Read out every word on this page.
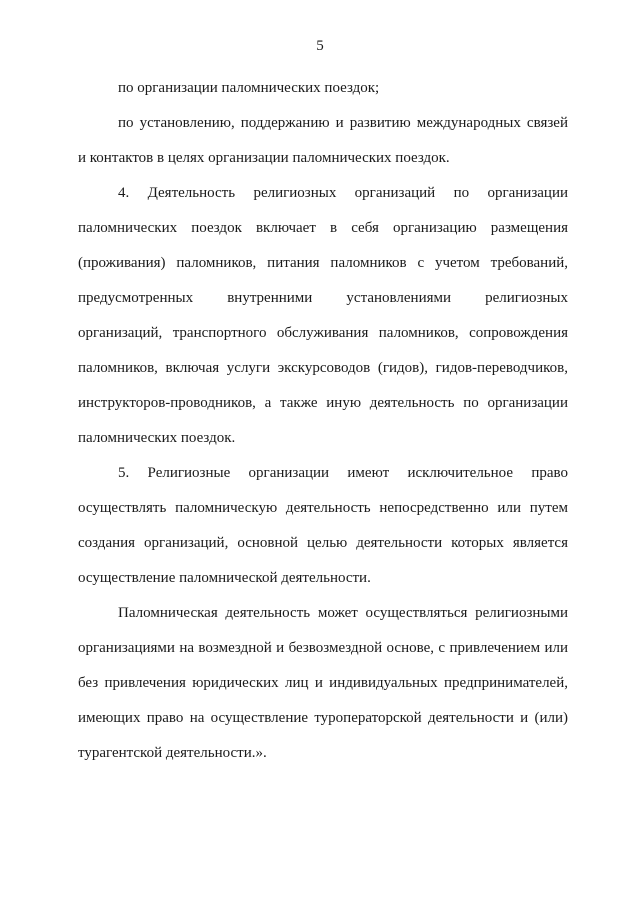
5
по организации паломнических поездок;
по установлению, поддержанию и развитию международных связей
и контактов в целях организации паломнических поездок.
4. Деятельность религиозных организаций по организации
паломнических поездок включает в себя организацию размещения
(проживания) паломников, питания паломников с учетом требований,
предусмотренных внутренними установлениями религиозных
организаций, транспортного обслуживания паломников, сопровождения
паломников, включая услуги экскурсоводов (гидов), гидов-переводчиков,
инструкторов-проводников, а также иную деятельность по организации
паломнических поездок.
5. Религиозные организации имеют исключительное право
осуществлять паломническую деятельность непосредственно или путем
создания организаций, основной целью деятельности которых является
осуществление паломнической деятельности.
Паломническая деятельность может осуществляться религиозными
организациями на возмездной и безвозмездной основе, с привлечением или
без привлечения юридических лиц и индивидуальных предпринимателей,
имеющих право на осуществление туроператорской деятельности и (или)
турагентской деятельности.».
